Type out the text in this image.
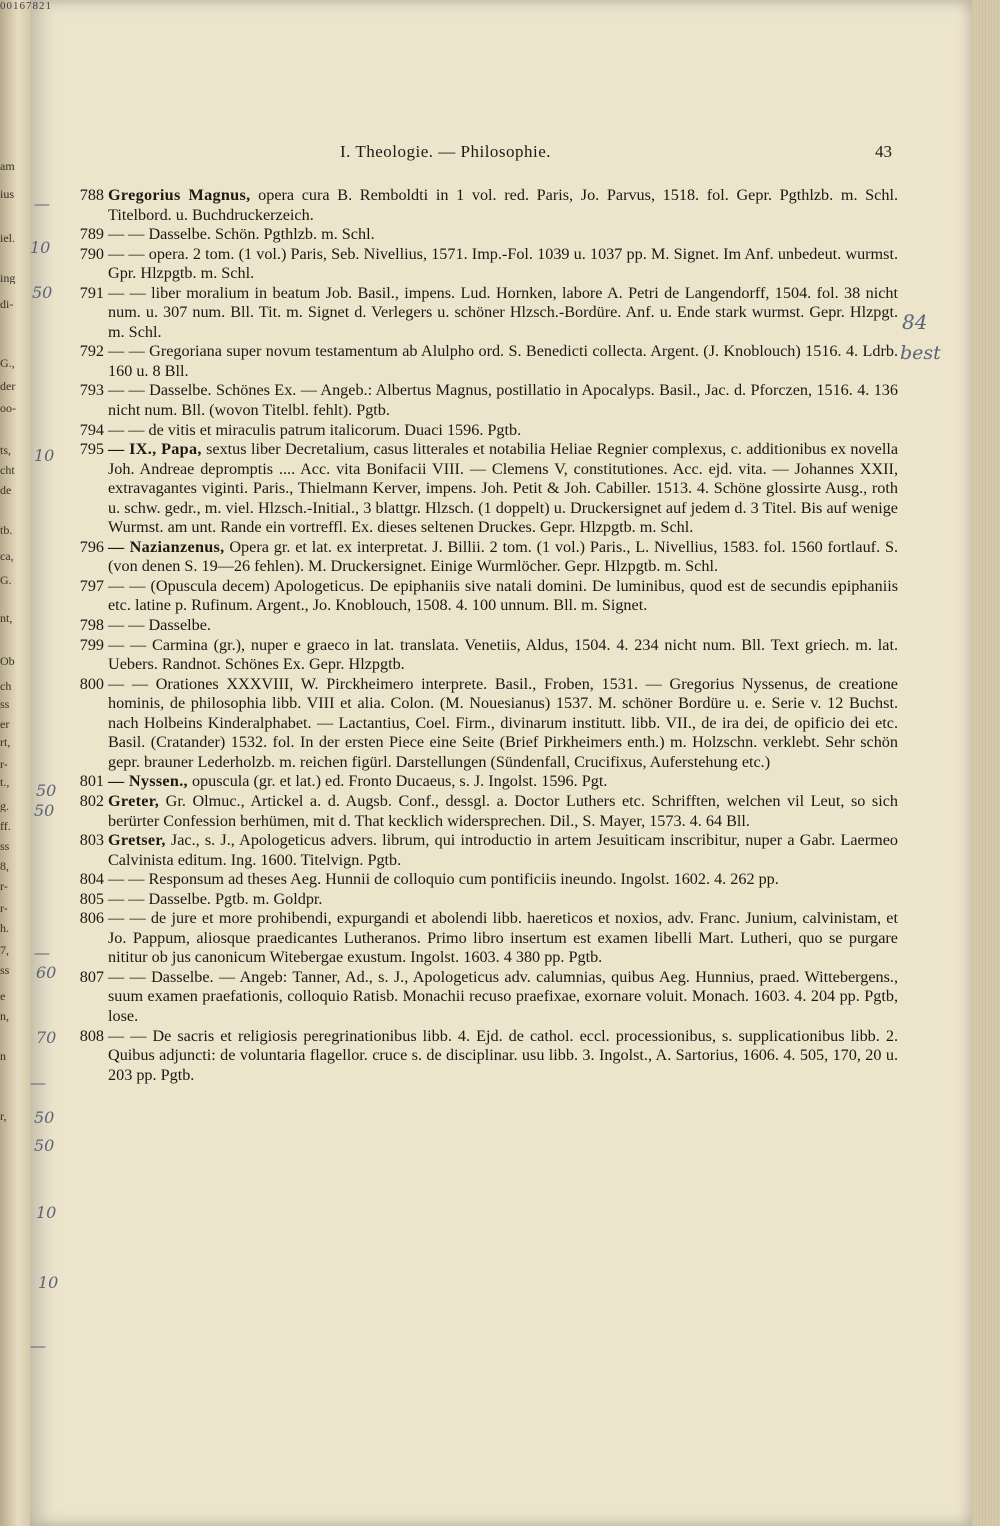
00167821
am
ius
iel.
ing
di-
G.,
der
oo-
ts,
cht
de
tb.
ca,
G.
nt,
Ob
ch
ss
er
rt,
r-
t.,
g.
ff.
ss
8,
r-
r-
h.
7,
ss
e
n,
n
r,
I. Theologie. — Philosophie.	43
788 Gregorius Magnus, opera cura B. Remboldti in 1 vol. red. Paris, Jo. Parvus, 1518. fol. Gepr. Pgthlzb. m. Schl. Titelbord. u. Buchdruckerzeich.
789 — — Dasselbe. Schön. Pgthlzb. m. Schl.
790 — — opera. 2 tom. (1 vol.) Paris, Seb. Nivellius, 1571. Imp.-Fol. 1039 u. 1037 pp. M. Signet. Im Anf. unbedeut. wurmst. Gpr. Hlzpgtb. m. Schl.
791 — — liber moralium in beatum Job. Basil., impens. Lud. Hornken, labore A. Petri de Langendorff, 1504. fol. 38 nicht num. u. 307 num. Bll. Tit. m. Signet d. Verlegers u. schöner Hlzsch.-Bordüre. Anf. u. Ende stark wurmst. Gepr. Hlzpgt. m. Schl.
792 — — Gregoriana super novum testamentum ab Alulpho ord. S. Benedicti collecta. Argent. (J. Knoblouch) 1516. 4. Ldrb. 160 u. 8 Bll.
793 — — Dasselbe. Schönes Ex. — Angeb.: Albertus Magnus, postillatio in Apocalyps. Basil., Jac. d. Pforczen, 1516. 4. 136 nicht num. Bll. (wovon Titelbl. fehlt). Pgtb.
794 — — de vitis et miraculis patrum italicorum. Duaci 1596. Pgtb.
795 — IX., Papa, sextus liber Decretalium, casus litterales et notabilia Heliae Regnier complexus, c. additionibus ex novella Joh. Andreae depromptis .... Acc. vita Bonifacii VIII. — Clemens V, constitutiones. Acc. ejd. vita. — Johannes XXII, extravagantes viginti. Paris., Thielmann Kerver, impens. Joh. Petit & Joh. Cabiller. 1513. 4. Schöne glossirte Ausg., roth u. schw. gedr., m. viel. Hlzsch.-Initial., 3 blattgr. Hlzsch. (1 doppelt) u. Druckersignet auf jedem d. 3 Titel. Bis auf wenige Wurmst. am unt. Rande ein vortreffl. Ex. dieses seltenen Druckes. Gepr. Hlzpgtb. m. Schl.
796 — Nazianzenus, Opera gr. et lat. ex interpretat. J. Billii. 2 tom. (1 vol.) Paris., L. Nivellius, 1583. fol. 1560 fortlauf. S. (von denen S. 19—26 fehlen). M. Druckersignet. Einige Wurmlöcher. Gepr. Hlzpgtb. m. Schl.
797 — — (Opuscula decem) Apologeticus. De epiphaniis sive natali domini. De luminibus, quod est de secundis epiphaniis etc. latine p. Rufinum. Argent., Jo. Knoblouch, 1508. 4. 100 unnum. Bll. m. Signet.
798 — — Dasselbe.
799 — — Carmina (gr.), nuper e graeco in lat. translata. Venetiis, Aldus, 1504. 4. 234 nicht num. Bll. Text griech. m. lat. Uebers. Randnot. Schönes Ex. Gepr. Hlzpgtb.
800 — — Orationes XXXVIII, W. Pirckheimero interprete. Basil., Froben, 1531. — Gregorius Nyssenus, de creatione hominis, de philosophia libb. VIII et alia. Colon. (M. Nouesianus) 1537. M. schöner Bordüre u. e. Serie v. 12 Buchst. nach Holbeins Kinderalphabet. — Lactantius, Coel. Firm., divinarum institutt. libb. VII., de ira dei, de opificio dei etc. Basil. (Cratander) 1532. fol. In der ersten Piece eine Seite (Brief Pirkheimers enth.) m. Holzschn. verklebt. Sehr schön gepr. brauner Lederholzb. m. reichen figürl. Darstellungen (Sündenfall, Crucifixus, Auferstehung etc.)
801 — Nyssen., opuscula (gr. et lat.) ed. Fronto Ducaeus, s. J. Ingolst. 1596. Pgt.
802 Greter, Gr. Olmuc., Artickel a. d. Augsb. Conf., dessgl. a. Doctor Luthers etc. Schrifften, welchen vil Leut, so sich berürter Confession berhümen, mit d. That kecklich widersprechen. Dil., S. Mayer, 1573. 4. 64 Bll.
803 Gretser, Jac., s. J., Apologeticus advers. librum, qui introductio in artem Jesuiticam inscribitur, nuper a Gabr. Laermeo Calvinista editum. Ing. 1600. Titelvign. Pgtb.
804 — — Responsum ad theses Aeg. Hunnii de colloquio cum pontificiis ineundo. Ingolst. 1602. 4. 262 pp.
805 — — Dasselbe. Pgtb. m. Goldpr.
806 — — de jure et more prohibendi, expurgandi et abolendi libb. haereticos et noxios, adv. Franc. Junium, calvinistam, et Jo. Pappum, aliosque praedicantes Lutheranos. Primo libro insertum est examen libelli Mart. Lutheri, quo se purgare nititur ob jus canonicum Witebergae exustum. Ingolst. 1603. 4 380 pp. Pgtb.
807 — — Dasselbe. — Angeb: Tanner, Ad., s. J., Apologeticus adv. calumnias, quibus Aeg. Hunnius, praed. Wittebergens., suum examen praefationis, colloquio Ratisb. Monachii recuso praefixae, exornare voluit. Monach. 1603. 4. 204 pp. Pgtb, lose.
808 — — De sacris et religiosis peregrinationibus libb. 4. Ejd. de cathol. eccl. processionibus, s. supplicationibus libb. 2. Quibus adjuncti: de voluntaria flagellor. cruce s. de disciplinar. usu libb. 3. Ingolst., A. Sartorius, 1606. 4. 505, 170, 20 u. 203 pp. Pgtb.
—
10
50
10
50
50
—
60
70
—
50
50
10
10
—
84
best
